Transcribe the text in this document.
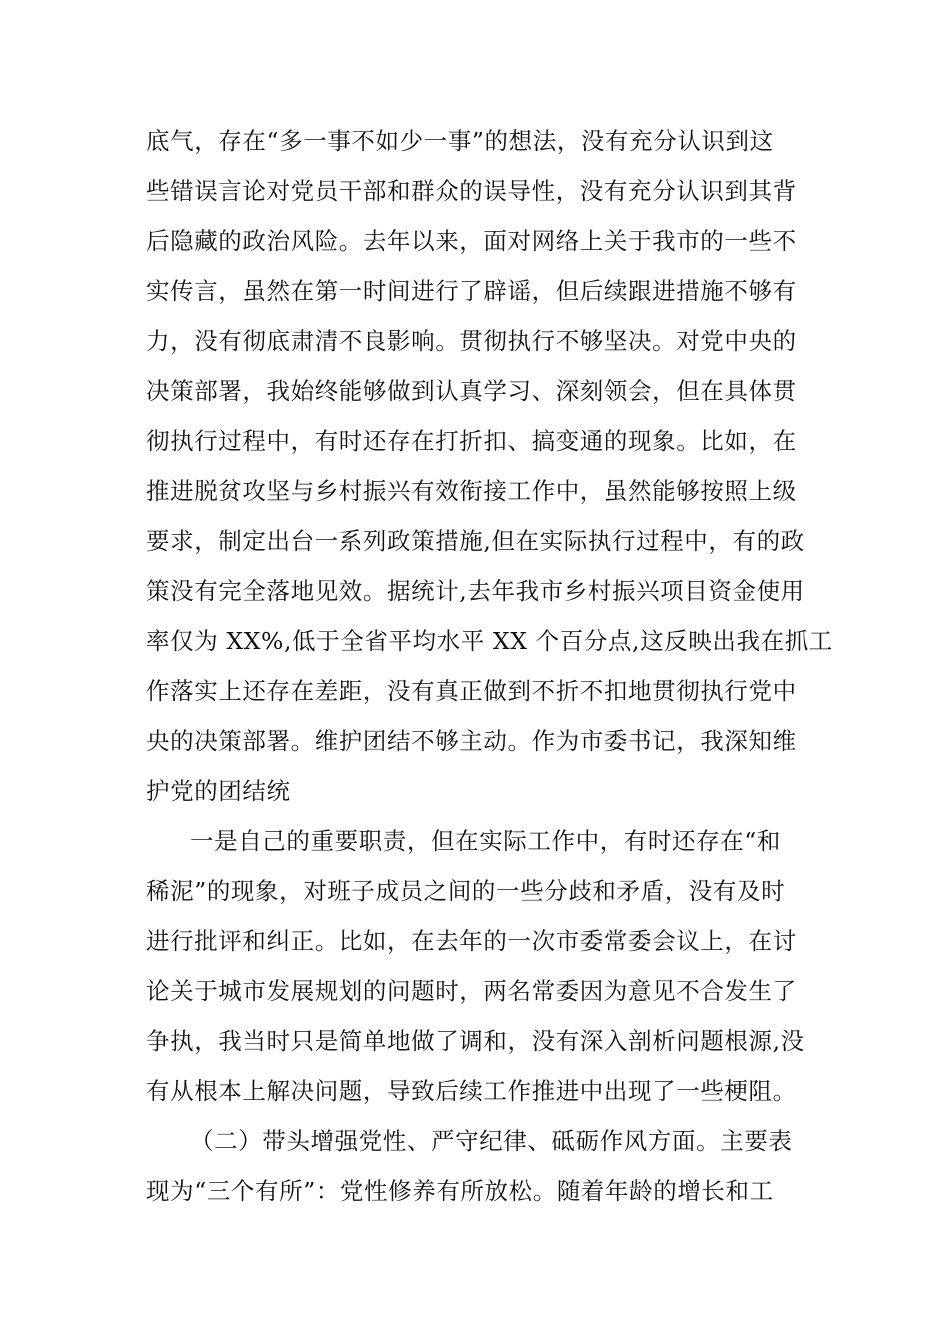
底气，存在“多一事不如少一事”的想法，没有充分认识到这
些错误言论对党员干部和群众的误导性，没有充分认识到其背
后隐藏的政治风险。去年以来，面对网络上关于我市的一些不
实传言，虽然在第一时间进行了辟谣，但后续跟进措施不够有
力，没有彻底肃清不良影响。贯彻执行不够坚决。对党中央的
决策部署，我始终能够做到认真学习、深刻领会，但在具体贯
彻执行过程中，有时还存在打折扣、搞变通的现象。比如，在
推进脱贫攻坚与乡村振兴有效衔接工作中，虽然能够按照上级
要求，制定出台一系列政策措施,但在实际执行过程中，有的政
策没有完全落地见效。据统计,去年我市乡村振兴项目资金使用
率仅为 XX%,低于全省平均水平 XX 个百分点,这反映出我在抓工
作落实上还存在差距，没有真正做到不折不扣地贯彻执行党中
央的决策部署。维护团结不够主动。作为市委书记，我深知维
护党的团结统
一是自己的重要职责，但在实际工作中，有时还存在“和
稀泥”的现象，对班子成员之间的一些分歧和矛盾，没有及时
进行批评和纠正。比如，在去年的一次市委常委会议上，在讨
论关于城市发展规划的问题时，两名常委因为意见不合发生了
争执，我当时只是简单地做了调和，没有深入剖析问题根源,没
有从根本上解决问题，导致后续工作推进中出现了一些梗阻。
（二）带头增强党性、严守纪律、砥砺作风方面。主要表
现为“三个有所”：党性修养有所放松。随着年龄的增长和工
